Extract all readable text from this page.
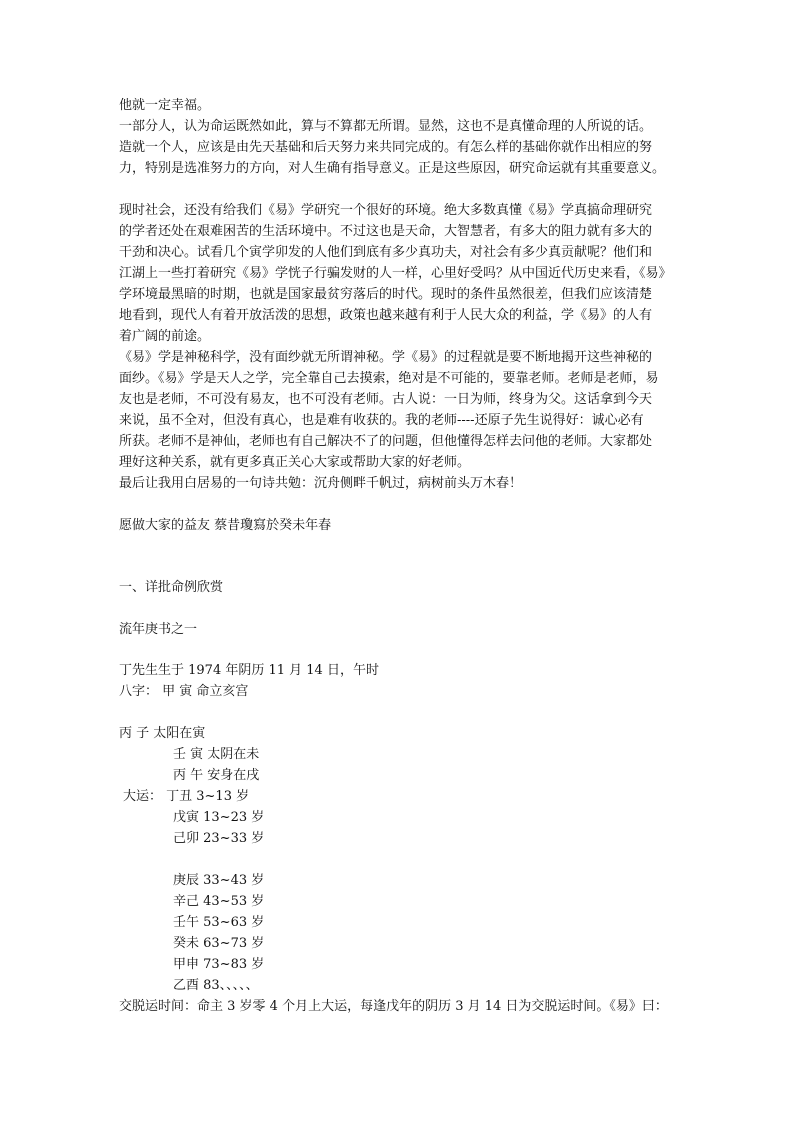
他就一定幸福。
一部分人，认为命运既然如此，算与不算都无所谓。显然，这也不是真懂命理的人所说的话。
造就一个人，应该是由先天基础和后天努力来共同完成的。有怎么样的基础你就作出相应的努
力，特别是选准努力的方向，对人生确有指导意义。正是这些原因，研究命运就有其重要意义。
现时社会，还没有给我们《易》学研究一个很好的环境。绝大多数真懂《易》学真搞命理研究
的学者还处在艰难困苦的生活环境中。不过这也是天命，大智慧者，有多大的阻力就有多大的
干劲和决心。试看几个寅学卯发的人他们到底有多少真功夫，对社会有多少真贡献呢？他们和
江湖上一些打着研究《易》学恍子行骗发财的人一样，心里好受吗？从中国近代历史来看，《易》
学环境最黑暗的时期，也就是国家最贫穷落后的时代。现时的条件虽然很差，但我们应该清楚
地看到，现代人有着开放活泼的思想，政策也越来越有利于人民大众的利益，学《易》的人有
着广阔的前途。
《易》学是神秘科学，没有面纱就无所谓神秘。学《易》的过程就是要不断地揭开这些神秘的
面纱。《易》学是天人之学，完全靠自己去摸索，绝对是不可能的，要靠老师。老师是老师，易
友也是老师，不可没有易友，也不可没有老师。古人说：一日为师，终身为父。这话拿到今天
来说，虽不全对，但没有真心，也是难有收获的。我的老师----还原子先生说得好：诚心必有
所获。老师不是神仙，老师也有自己解决不了的问题，但他懂得怎样去问他的老师。大家都处
理好这种关系，就有更多真正关心大家或帮助大家的好老师。
最后让我用白居易的一句诗共勉：沉舟侧畔千帆过，病树前头万木春！
愿做大家的益友 蔡昔瓊寫於癸未年春
一、详批命例欣赏
流年庚书之一
丁先生生于 1974 年阴历 11 月 14 日，午时
八字： 甲 寅 命立亥宫
丙 子 太阳在寅
壬 寅 太阴在未
丙 午 安身在戌
大运： 丁丑 3~13 岁
戊寅 13~23 岁
己卯 23~33 岁
庚辰 33~43 岁
辛己 43~53 岁
壬午 53~63 岁
癸未 63~73 岁
甲申 73~83 岁
乙酉 83、、、、、
交脱运时间：命主 3 岁零 4 个月上大运，每逢戊年的阴历 3 月 14 日为交脱运时间。《易》曰：
